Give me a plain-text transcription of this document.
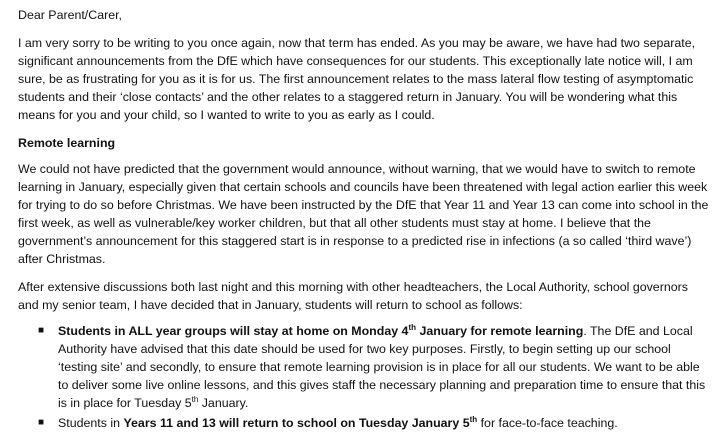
Dear Parent/Carer,

I am very sorry to be writing to you once again, now that term has ended. As you may be aware, we have had two separate, significant announcements from the DfE which have consequences for our students. This exceptionally late notice will, I am sure, be as frustrating for you as it is for us. The first announcement relates to the mass lateral flow testing of asymptomatic students and their ‘close contacts’ and the other relates to a staggered return in January. You will be wondering what this means for you and your child, so I wanted to write to you as early as I could.

Remote learning

We could not have predicted that the government would announce, without warning, that we would have to switch to remote learning in January, especially given that certain schools and councils have been threatened with legal action earlier this week for trying to do so before Christmas. We have been instructed by the DfE that Year 11 and Year 13 can come into school in the first week, as well as vulnerable/key worker children, but that all other students must stay at home. I believe that the government’s announcement for this staggered start is in response to a predicted rise in infections (a so called ‘third wave’) after Christmas.

After extensive discussions both last night and this morning with other headteachers, the Local Authority, school governors and my senior team, I have decided that in January, students will return to school as follows:

■ Students in ALL year groups will stay at home on Monday 4th January for remote learning. The DfE and Local Authority have advised that this date should be used for two key purposes. Firstly, to begin setting up our school ‘testing site’ and secondly, to ensure that remote learning provision is in place for all our students. We want to be able to deliver some live online lessons, and this gives staff the necessary planning and preparation time to ensure that this is in place for Tuesday 5th January.
■ Students in Years 11 and 13 will return to school on Tuesday January 5th for face-to-face teaching.
